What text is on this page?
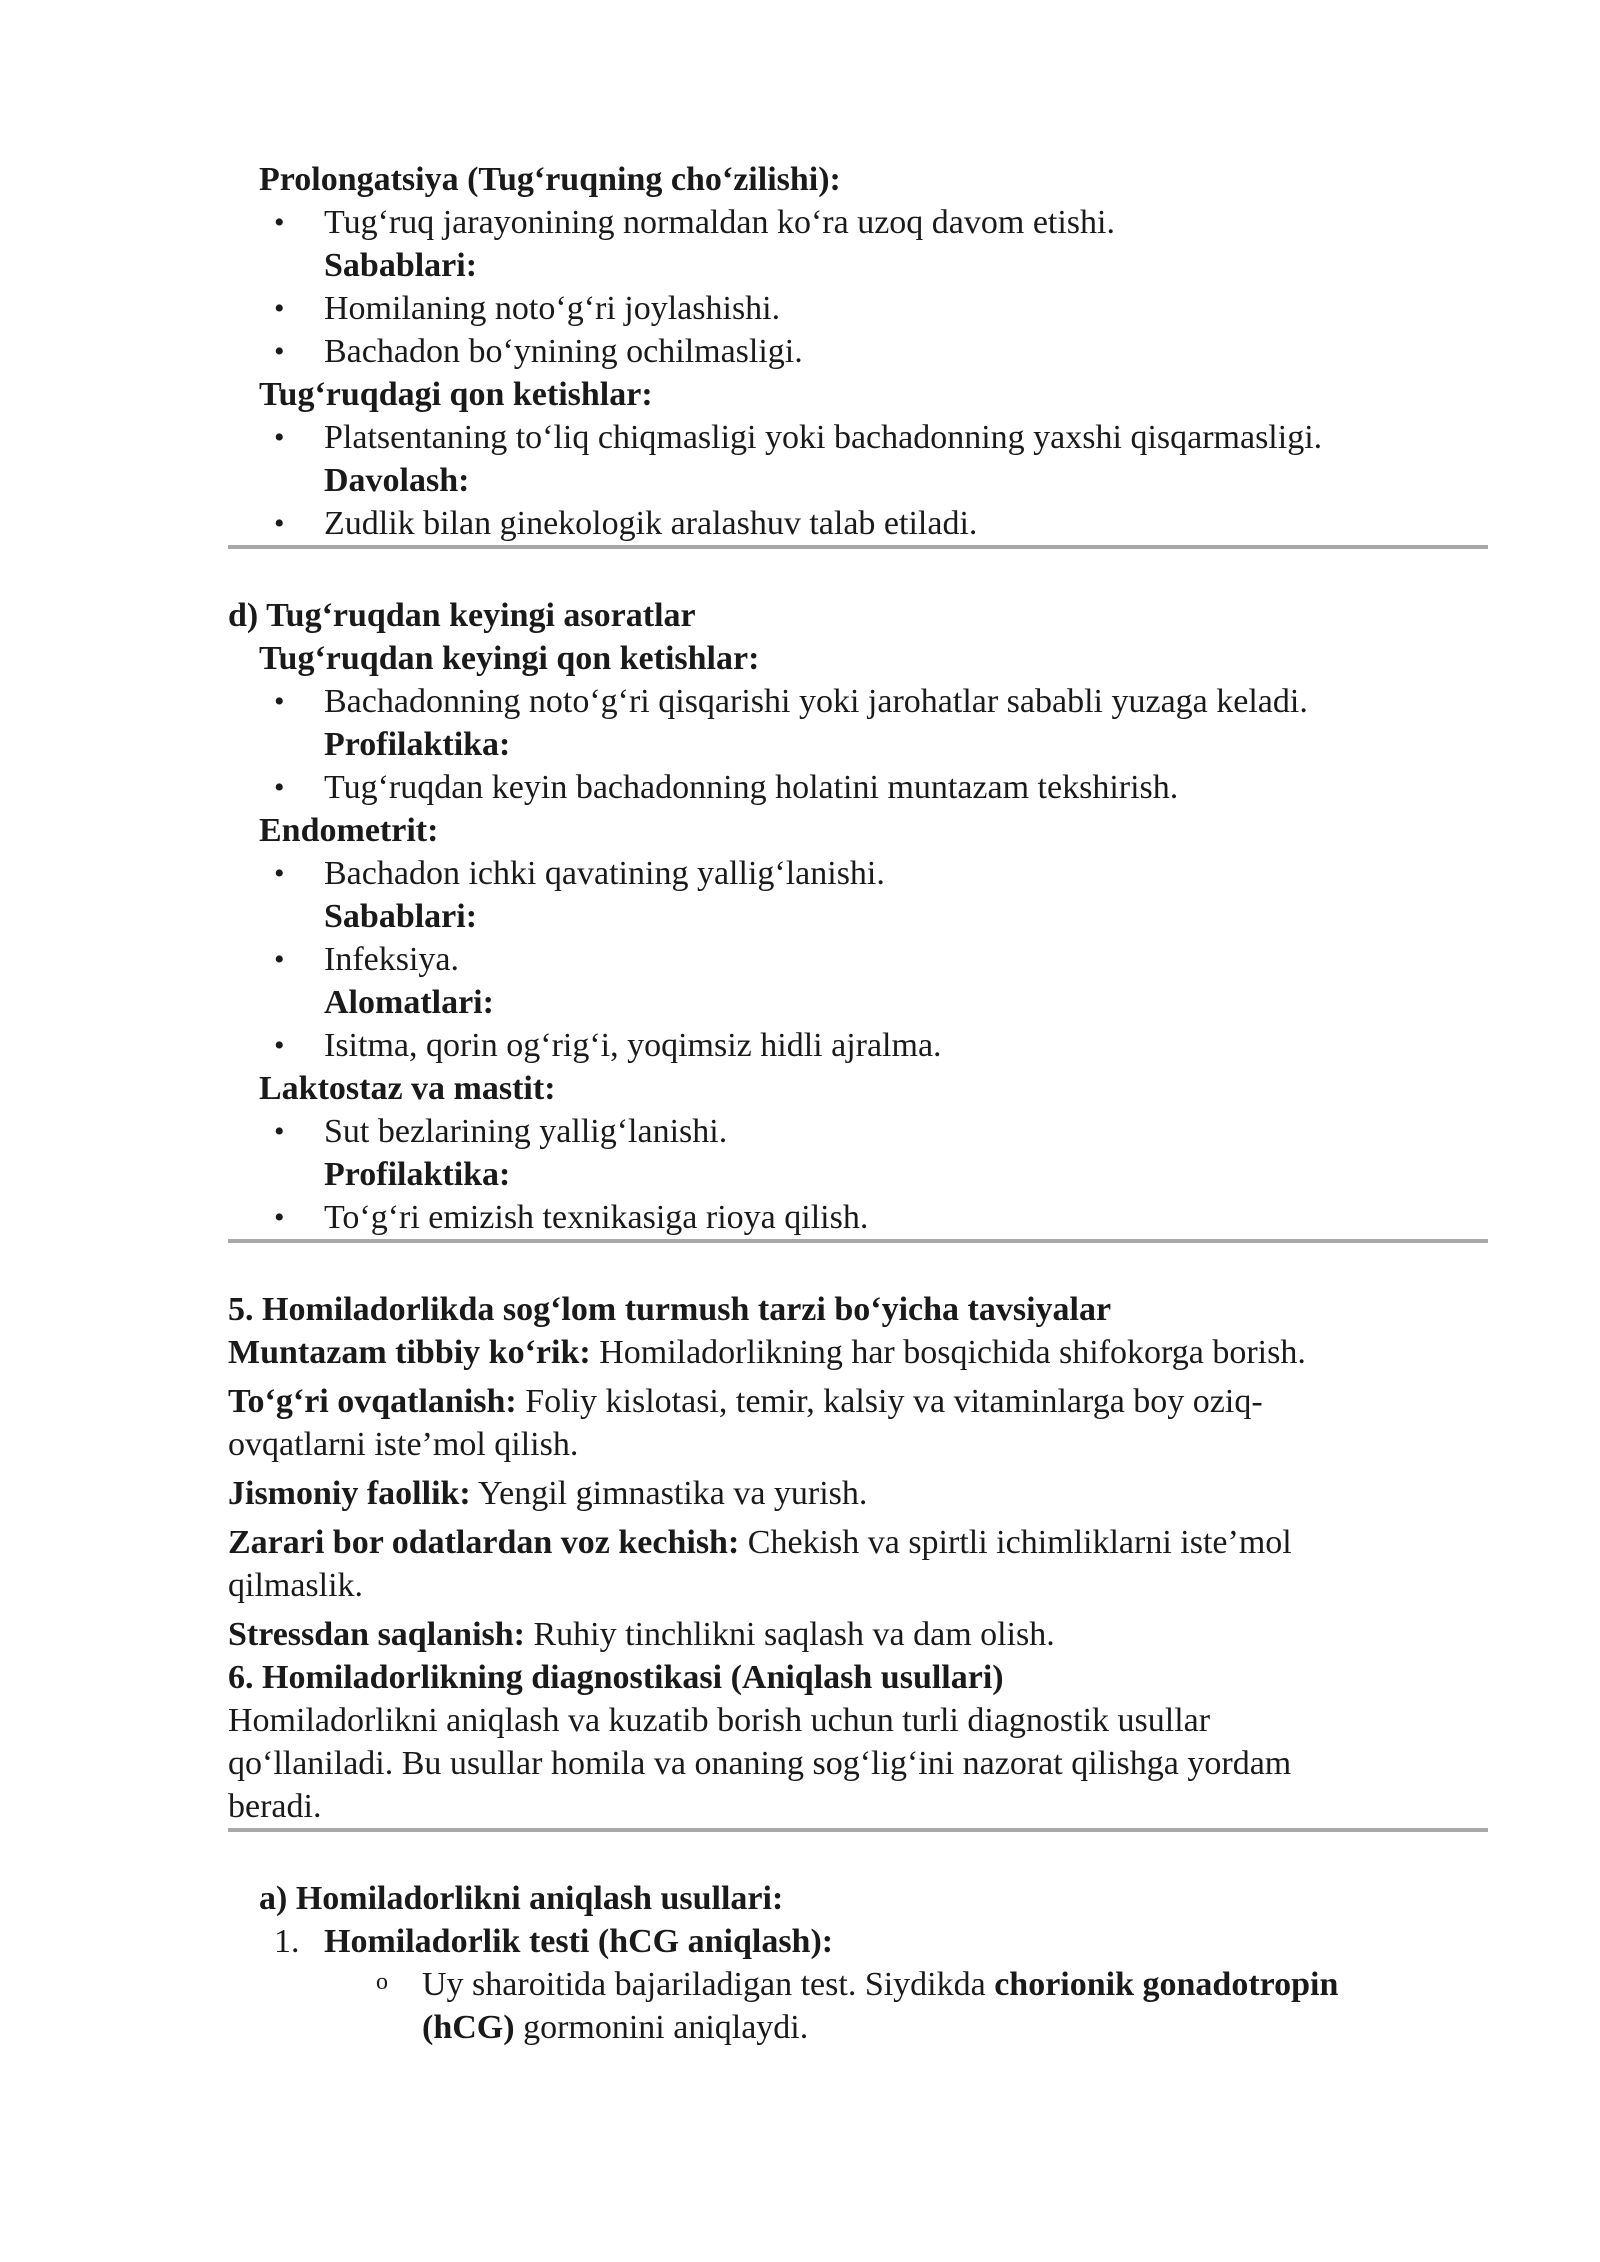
Prolongatsiya (Tug‘ruqning cho‘zilishi):
• Tug‘ruq jarayonining normaldan ko‘ra uzoq davom etishi.
Sabablari:
• Homilaning noto‘g‘ri joylashishi.
• Bachadon bo‘ynining ochilmasligi.
Tug‘ruqdagi qon ketishlar:
• Platsentaning to‘liq chiqmasligi yoki bachadonning yaxshi qisqarmasligi.
Davolash:
• Zudlik bilan ginekologik aralashuv talab etiladi.
d) Tug‘ruqdan keyingi asoratlar
Tug‘ruqdan keyingi qon ketishlar:
• Bachadonning noto‘g‘ri qisqarishi yoki jarohatlar sababli yuzaga keladi.
Profilaktika:
• Tug‘ruqdan keyin bachadonning holatini muntazam tekshirish.
Endometrit:
• Bachadon ichki qavatining yallig‘lanishi.
Sabablari:
• Infeksiya.
Alomatlari:
• Isitma, qorin og‘rig‘i, yoqimsiz hidli ajralma.
Laktostaz va mastit:
• Sut bezlarining yallig‘lanishi.
Profilaktika:
• To‘g‘ri emizish texnikasiga rioya qilish.
5. Homiladorlikda sog‘lom turmush tarzi bo‘yicha tavsiyalar
Muntazam tibbiy ko‘rik: Homiladorlikning har bosqichida shifokorga borish.
To‘g‘ri ovqatlanish: Foliy kislotasi, temir, kalsiy va vitaminlarga boy oziq-
ovqatlarni iste’mol qilish.
Jismoniy faollik: Yengil gimnastika va yurish.
Zarari bor odatlardan voz kechish: Chekish va spirtli ichimliklarni iste’mol
qilmaslik.
Stressdan saqlanish: Ruhiy tinchlikni saqlash va dam olish.
6. Homiladorlikning diagnostikasi (Aniqlash usullari)
Homiladorlikni aniqlash va kuzatib borish uchun turli diagnostik usullar
qo‘llaniladi. Bu usullar homila va onaning sog‘lig‘ini nazorat qilishga yordam
beradi.
a) Homiladorlikni aniqlash usullari:
1. Homiladorlik testi (hCG aniqlash):
o Uy sharoitida bajariladigan test. Siydikda chorionik gonadotropin
(hCG) gormonini aniqlaydi.
